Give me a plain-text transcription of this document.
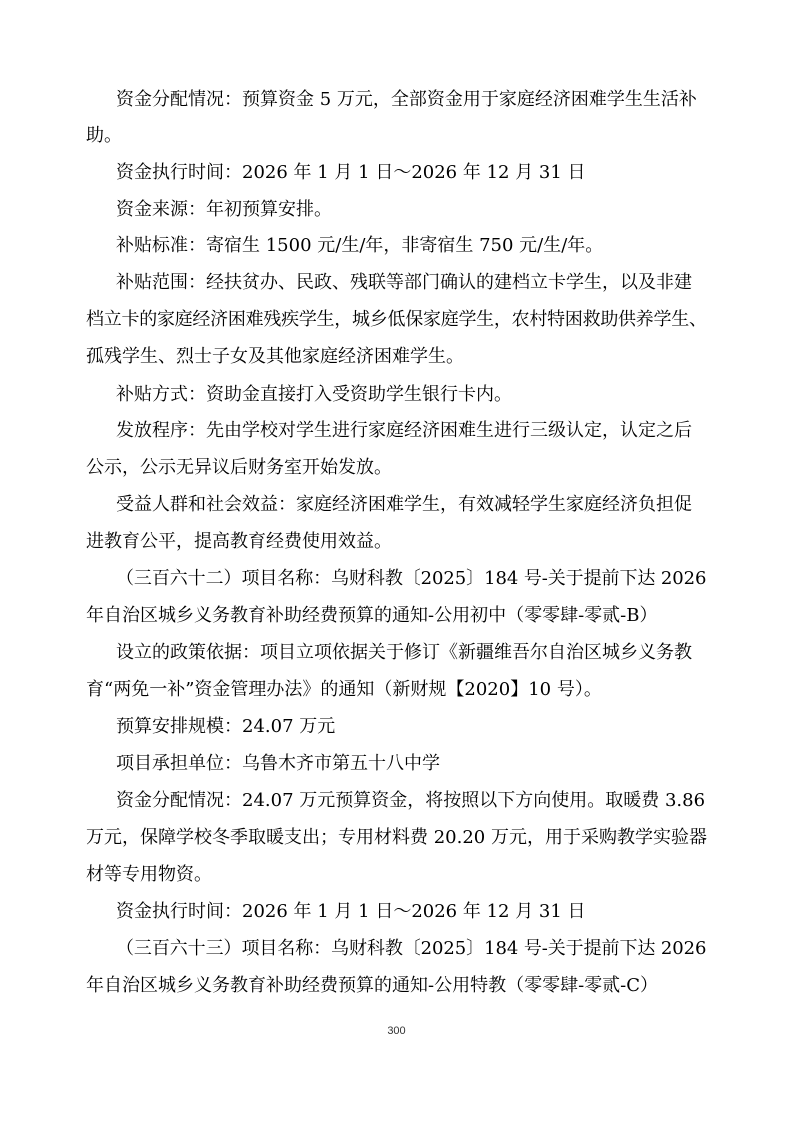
资金分配情况：预算资金 5 万元，全部资金用于家庭经济困难学生生活补
助。
资金执行时间：2026 年 1 月 1 日～2026 年 12 月 31 日
资金来源：年初预算安排。
补贴标准：寄宿生 1500 元/生/年，非寄宿生 750 元/生/年。
补贴范围：经扶贫办、民政、残联等部门确认的建档立卡学生，以及非建
档立卡的家庭经济困难残疾学生，城乡低保家庭学生，农村特困救助供养学生、
孤残学生、烈士子女及其他家庭经济困难学生。
补贴方式：资助金直接打入受资助学生银行卡内。
发放程序：先由学校对学生进行家庭经济困难生进行三级认定，认定之后
公示，公示无异议后财务室开始发放。
受益人群和社会效益：家庭经济困难学生，有效减轻学生家庭经济负担促
进教育公平，提高教育经费使用效益。
（三百六十二）项目名称：乌财科教〔2025〕184 号-关于提前下达 2026
年自治区城乡义务教育补助经费预算的通知-公用初中（零零肆-零贰-B）
设立的政策依据：项目立项依据关于修订《新疆维吾尔自治区城乡义务教
育“两免一补”资金管理办法》的通知（新财规【2020】10 号）。
预算安排规模：24.07 万元
项目承担单位：乌鲁木齐市第五十八中学
资金分配情况：24.07 万元预算资金，将按照以下方向使用。取暖费 3.86
万元，保障学校冬季取暖支出；专用材料费 20.20 万元，用于采购教学实验器
材等专用物资。
资金执行时间：2026 年 1 月 1 日～2026 年 12 月 31 日
（三百六十三）项目名称：乌财科教〔2025〕184 号-关于提前下达 2026
年自治区城乡义务教育补助经费预算的通知-公用特教（零零肆-零贰-C）
300
